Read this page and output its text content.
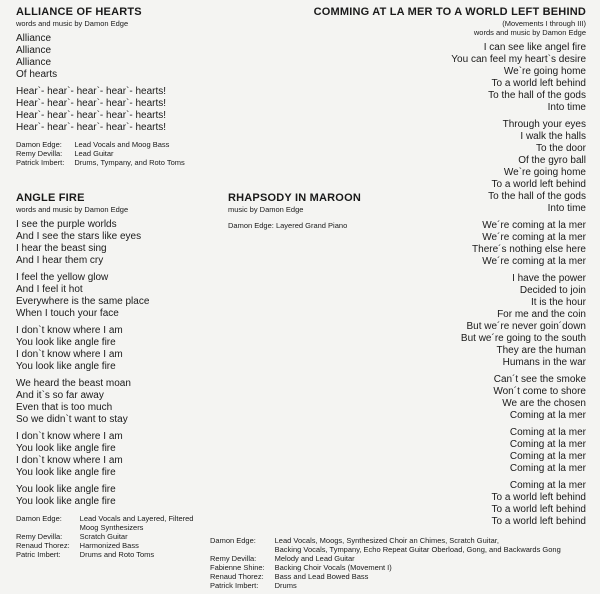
ALLIANCE OF HEARTS
words and music by Damon Edge
Alliance
Alliance
Alliance
Of hearts
Hear`- hear`- hear`- hear`- hearts!
Hear`- hear`- hear`- hear`- hearts!
Hear`- hear`- hear`- hear`- hearts!
Hear`- hear`- hear`- hear`- hearts!
Damon Edge:	Lead Vocals and Moog Bass
Remy Devilla:	Lead Guitar
Patrick Imbert:	Drums, Tympany, and Roto Toms
ANGLE FIRE
words and music by Damon Edge
I see the purple worlds
And I see the stars like eyes
I hear the beast sing
And I hear them cry
I feel the yellow glow
And I feel it hot
Everywhere is the same place
When I touch your face
I don`t know where I am
You look like angle fire
I don`t know where I am
You look like angle fire
We heard the beast moan
And it`s so far away
Even that is too much
So we didn`t want to stay
I don`t know where I am
You look like angle fire
I don`t know where I am
You look like angle fire
You look like angle fire
You look like angle fire
Damon Edge:	Lead Vocals and Layered, Filtered
	Moog Synthesizers
Remy Devilla:	Scratch Guitar
Renaud Thorez:	Harmonized Bass
Patric Imbert:	Drums and Roto Toms
RHAPSODY IN MAROON
music by Damon Edge
Damon Edge: Layered Grand Piano
COMMING AT LA MER TO A WORLD LEFT BEHIND
(Movements I through III)
words and music by Damon Edge
I can see like angel fire
You can feel my heart`s desire
We`re going home
To a world left behind
To the hall of the gods
Into time
Through your eyes
I walk the halls
To the door
Of the gyro ball
We`re going home
To a world left behind
To the hall of the gods
Into time
We´re coming at la mer
We´re coming at la mer
There´s nothing else here
We´re coming at la mer
I have the power
Decided to join
It is the hour
For me and the coin
But we´re never goin´down
But we´re going to the south
They are the human
Humans in the war
Can´t see the smoke
Won´t come to shore
We are the chosen
Coming at la mer
Coming at la mer
Coming at la mer
Coming at la mer
Coming at la mer
Coming at la mer
To a world left behind
To a world left behind
To a world left behind
Damon Edge:	Lead Vocals, Moogs, Synthesized Choir an Chimes, Scratch Guitar,
	Backing Vocals, Tympany, Echo Repeat Guitar Oberload, Gong, and Backwards Gong
Remy Devilla:	Melody and Lead Guitar
Fabienne Shine:	Backing Choir Vocals (Movement I)
Renaud Thorez:	Bass and Lead Bowed Bass
Patrick Imbert:	Drums
